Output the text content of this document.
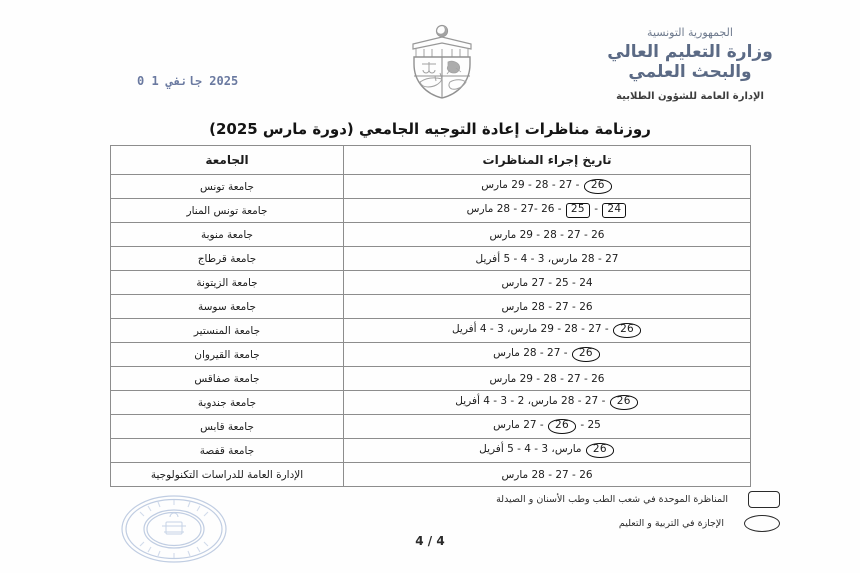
الجمهورية التونسية
وزارة التعليم العالي
والبحث العلمي
الإدارة العامة للشؤون الطلابية
2025 جانفي 1 0
روزنامة مناظرات إعادة التوجيه الجامعي (دورة مارس 2025)
تاريخ إجراء المناظرات	الجامعة
26 - 27 - 28 - 29 مارس	جامعة تونس
24 - 25 - 26 -27 - 28 مارس	جامعة تونس المنار
26 - 27 - 28 - 29 مارس	جامعة منوبة
27 - 28 مارس، 3 - 4 - 5 أفريل	جامعة قرطاج
24 - 25 - 27 مارس	جامعة الزيتونة
26 - 27 - 28 مارس	جامعة سوسة
26 - 27 - 28 - 29 مارس، 3 - 4 أفريل	جامعة المنستير
26 - 27 - 28 مارس	جامعة القيروان
26 - 27 - 28 - 29 مارس	جامعة صفاقس
26 - 27 - 28 مارس، 2 - 3 - 4 أفريل	جامعة جندوبة
25 - 26 - 27 مارس	جامعة قابس
26 مارس، 3 - 4 - 5 أفريل	جامعة قفصة
26 - 27 - 28 مارس	الإدارة العامة للدراسات التكنولوجية
المناظرة الموحدة في شعب الطب وطب الأسنان و الصيدلة
الإجازة في التربية و التعليم
4 / 4
